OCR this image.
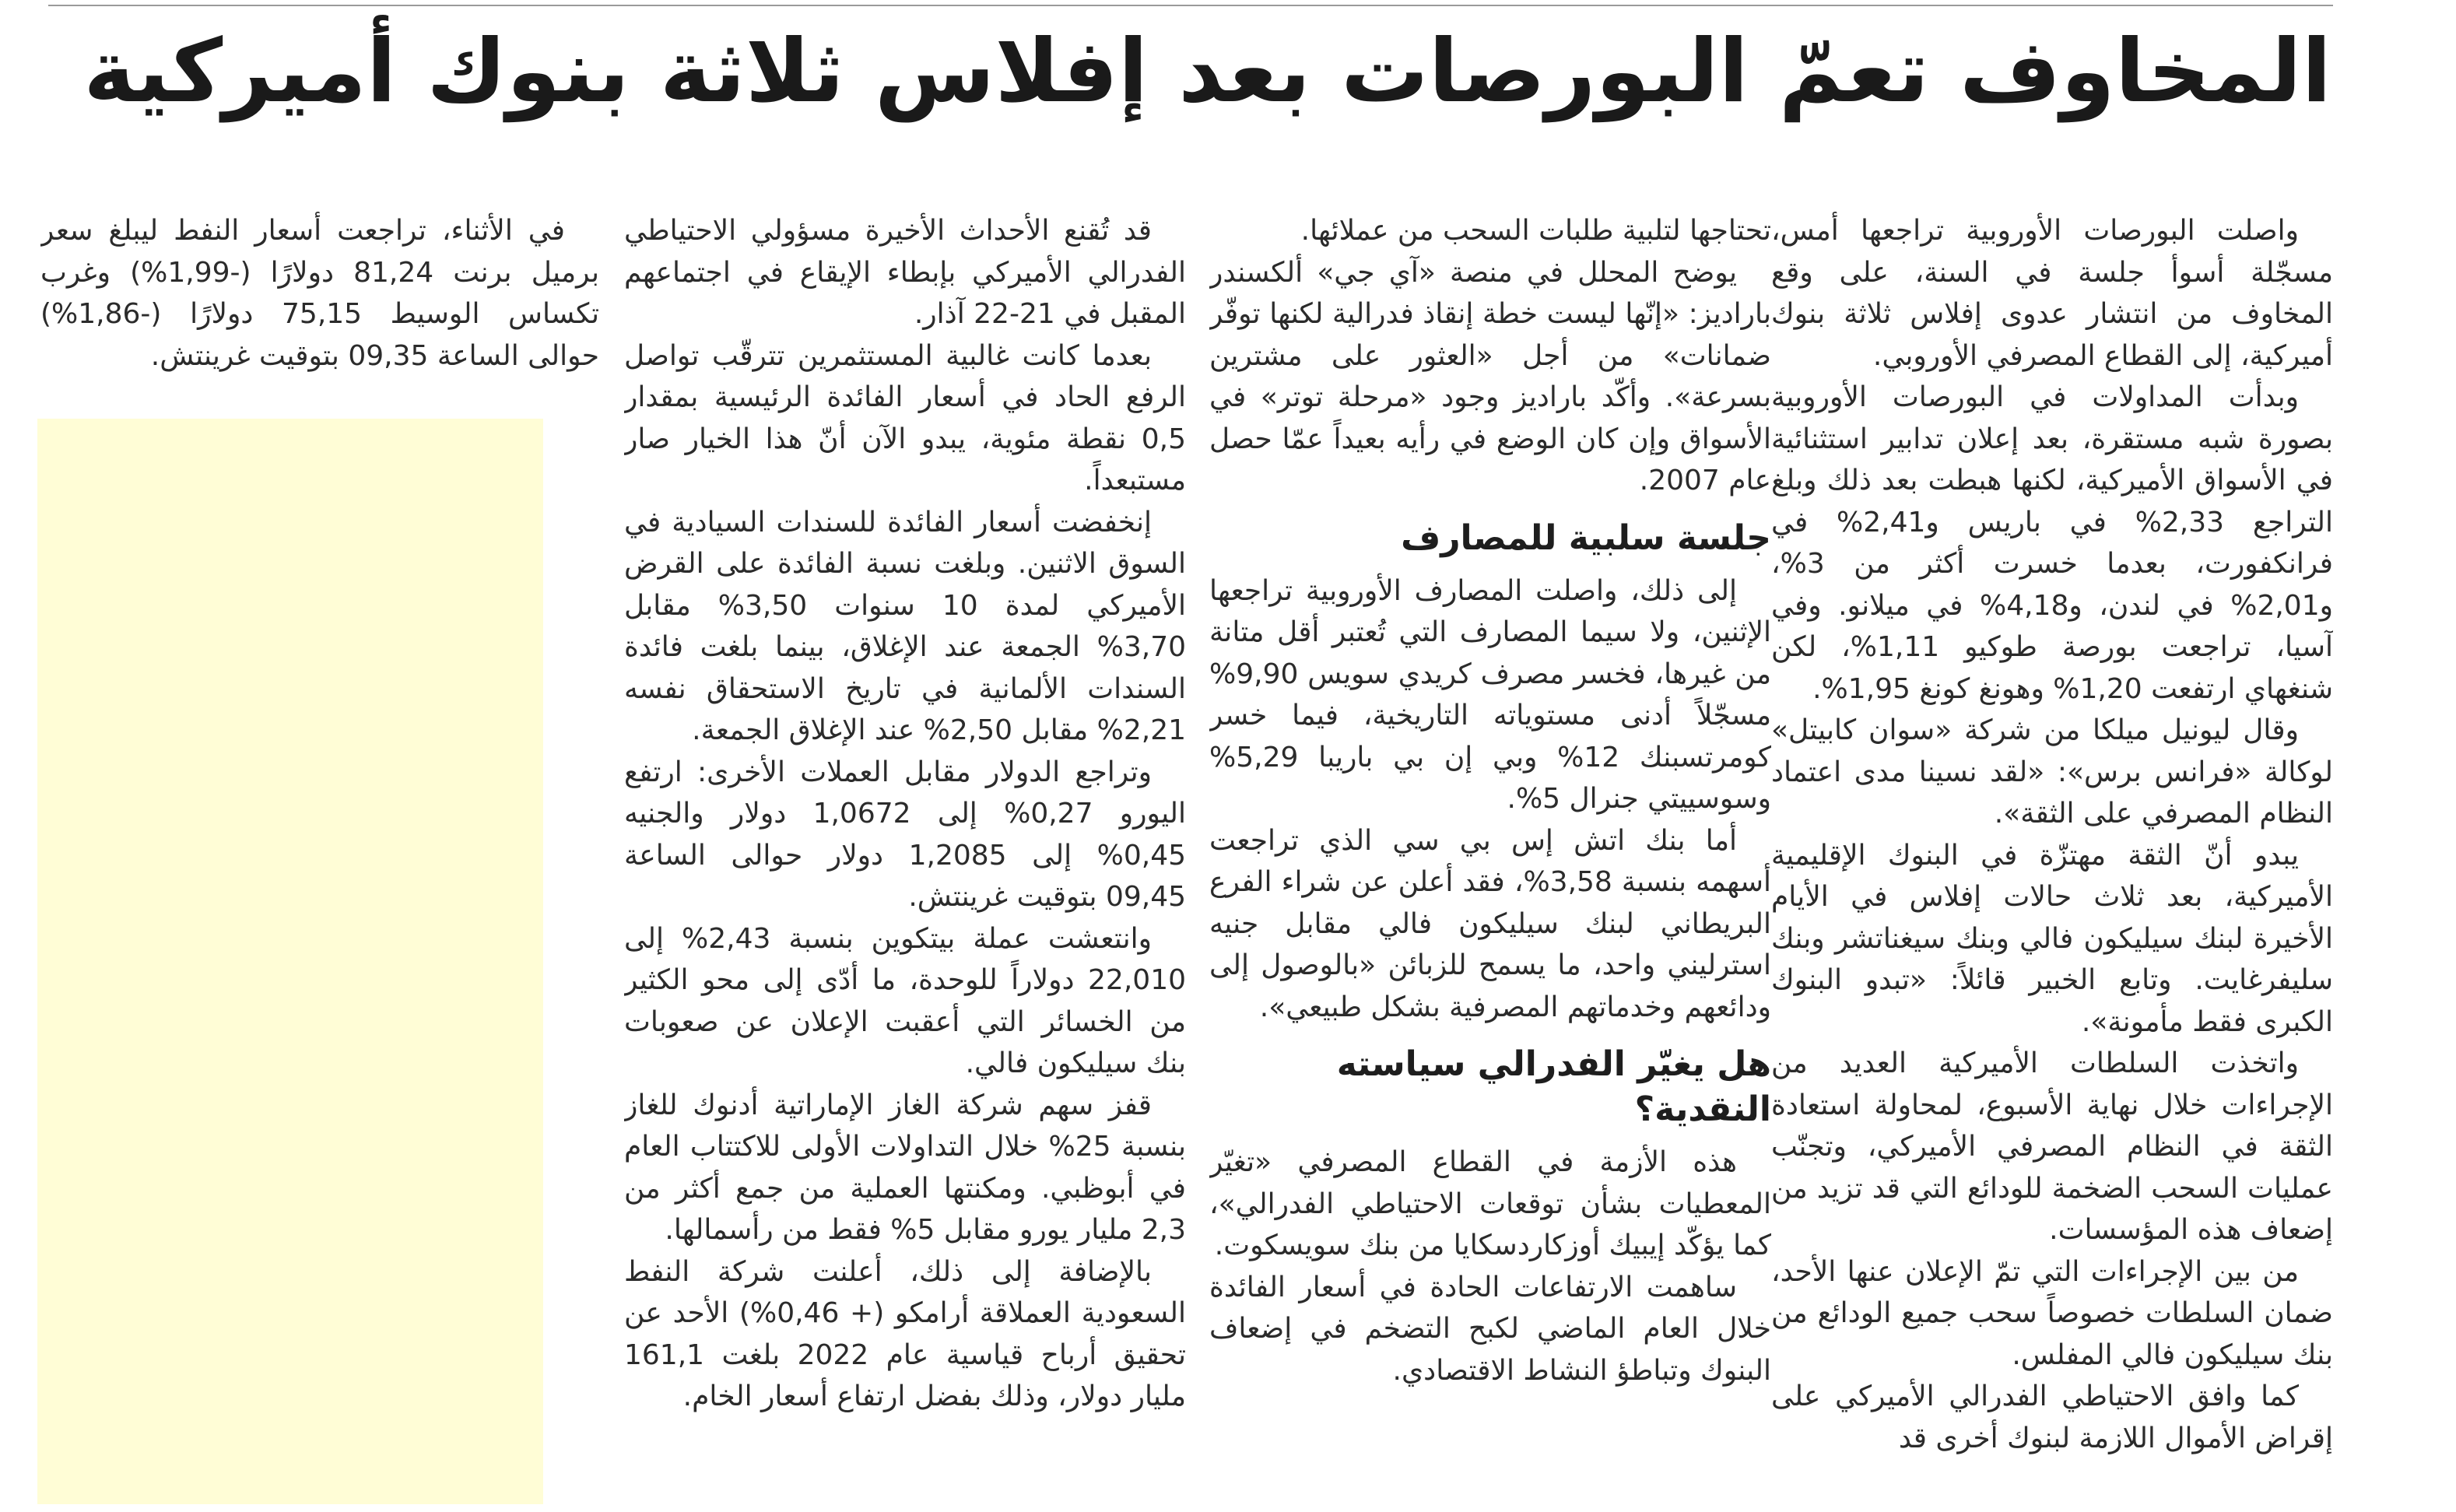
المخاوف تعمّ البورصات بعد إفلاس ثلاثة بنوك أميركية

واصلت البورصات الأوروبية تراجعها أمس، مسجّلة أسوأ جلسة في السنة، على وقع المخاوف من انتشار عدوى إفلاس ثلاثة بنوك أميركية، إلى القطاع المصرفي الأوروبي.

وبدأت المداولات في البورصات الأوروبية بصورة شبه مستقرة، بعد إعلان تدابير استثنائية في الأسواق الأميركية، لكنها هبطت بعد ذلك وبلغ التراجع 2,33% في باريس و2,41% في فرانكفورت، بعدما خسرت أكثر من 3%، و2,01% في لندن، و4,18% في ميلانو. وفي آسيا، تراجعت بورصة طوكيو 1,11%، لكن شنغهاي ارتفعت 1,20% وهونغ كونغ 1,95%.

وقال ليونيل ميلكا من شركة «سوان كابيتل» لوكالة «فرانس برس»: «لقد نسينا مدى اعتماد النظام المصرفي على الثقة».

يبدو أنّ الثقة مهتزّة في البنوك الإقليمية الأميركية، بعد ثلاث حالات إفلاس في الأيام الأخيرة لبنك سيليكون فالي وبنك سيغناتشر وبنك سليفرغايت. وتابع الخبير قائلاً: «تبدو البنوك الكبرى فقط مأمونة».

واتخذت السلطات الأميركية العديد من الإجراءات خلال نهاية الأسبوع، لمحاولة استعادة الثقة في النظام المصرفي الأميركي، وتجنّب عمليات السحب الضخمة للودائع التي قد تزيد من إضعاف هذه المؤسسات.

من بين الإجراءات التي تمّ الإعلان عنها الأحد، ضمان السلطات خصوصاً سحب جميع الودائع من بنك سيليكون فالي المفلس.

كما وافق الاحتياطي الفدرالي الأميركي على إقراض الأموال اللازمة لبنوك أخرى قد

تحتاجها لتلبية طلبات السحب من عملائها.

يوضح المحلل في منصة «آي جي» ألكسندر باراديز: «إنّها ليست خطة إنقاذ فدرالية لكنها توفّر ضمانات» من أجل «العثور على مشترين بسرعة». وأكّد باراديز وجود «مرحلة توتر» في الأسواق وإن كان الوضع في رأيه بعيداً عمّا حصل عام 2007.

جلسة سلبية للمصارف

إلى ذلك، واصلت المصارف الأوروبية تراجعها الإثنين، ولا سيما المصارف التي تُعتبر أقل متانة من غيرها، فخسر مصرف كريدي سويس 9,90% مسجّلاً أدنى مستوياته التاريخية، فيما خسر كومرتسبنك 12% وبي إن بي باريبا 5,29% وسوسييتي جنرال 5%.

أما بنك اتش إس بي سي الذي تراجعت أسهمه بنسبة 3,58%، فقد أعلن عن شراء الفرع البريطاني لبنك سيليكون فالي مقابل جنيه استرليني واحد، ما يسمح للزبائن «بالوصول إلى ودائعهم وخدماتهم المصرفية بشكل طبيعي».

هل يغيّر الفدرالي سياسته النقدية؟

هذه الأزمة في القطاع المصرفي «تغيّر المعطيات بشأن توقعات الاحتياطي الفدرالي»، كما يؤكّد إيبيك أوزكاردسكايا من بنك سويسكوت.

ساهمت الارتفاعات الحادة في أسعار الفائدة خلال العام الماضي لكبح التضخم في إضعاف البنوك وتباطؤ النشاط الاقتصادي.

قد تُقنع الأحداث الأخيرة مسؤولي الاحتياطي الفدرالي الأميركي بإبطاء الإيقاع في اجتماعهم المقبل في 21-22 آذار.

بعدما كانت غالبية المستثمرين تترقّب تواصل الرفع الحاد في أسعار الفائدة الرئيسية بمقدار 0,5 نقطة مئوية، يبدو الآن أنّ هذا الخيار صار مستبعداً.

إنخفضت أسعار الفائدة للسندات السيادية في السوق الاثنين. وبلغت نسبة الفائدة على القرض الأميركي لمدة 10 سنوات 3,50% مقابل 3,70% الجمعة عند الإغلاق، بينما بلغت فائدة السندات الألمانية في تاريخ الاستحقاق نفسه 2,21% مقابل 2,50% عند الإغلاق الجمعة.

وتراجع الدولار مقابل العملات الأخرى: ارتفع اليورو 0,27% إلى 1,0672 دولار والجنيه 0,45% إلى 1,2085 دولار حوالى الساعة 09,45 بتوقيت غرينتش.

وانتعشت عملة بيتكوين بنسبة 2,43% إلى 22,010 دولاراً للوحدة، ما أدّى إلى محو الكثير من الخسائر التي أعقبت الإعلان عن صعوبات بنك سيليكون فالي.

قفز سهم شركة الغاز الإماراتية أدنوك للغاز بنسبة 25% خلال التداولات الأولى للاكتتاب العام في أبوظبي. ومكنتها العملية من جمع أكثر من 2,3 مليار يورو مقابل 5% فقط من رأسمالها.

بالإضافة إلى ذلك، أعلنت شركة النفط السعودية العملاقة أرامكو (+ 0,46%) الأحد عن تحقيق أرباح قياسية عام 2022 بلغت 161,1 مليار دولار، وذلك بفضل ارتفاع أسعار الخام.

في الأثناء، تراجعت أسعار النفط ليبلغ سعر برميل برنت 81,24 دولارًا (-1,99%) وغرب تكساس الوسيط 75,15 دولارًا (-1,86%) حوالى الساعة 09,35 بتوقيت غرينتش.
